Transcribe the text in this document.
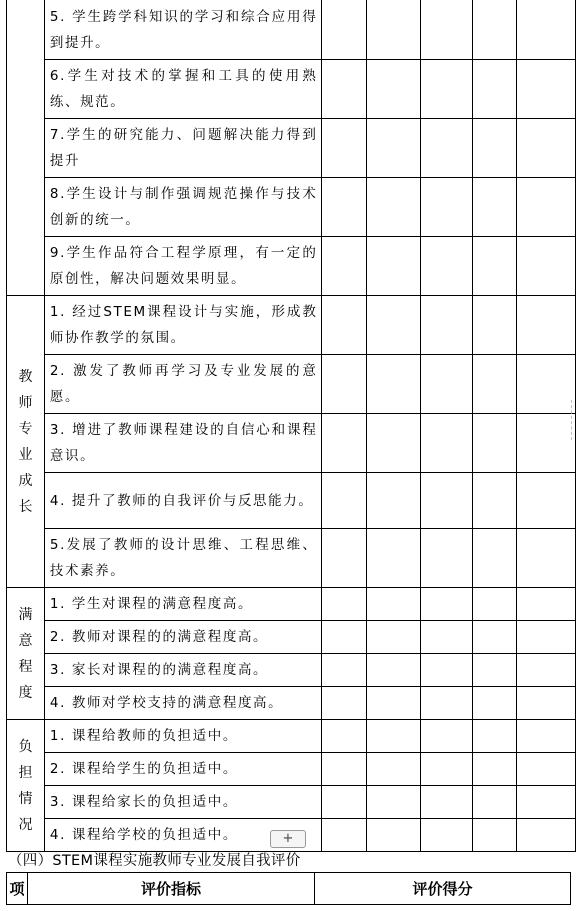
	5. 学生跨学科知识的学习和综合应用得到提升。					
	6.学生对技术的掌握和工具的使用熟练、规范。					
	7.学生的研究能力、问题解决能力得到提升					
	8.学生设计与制作强调规范操作与技术创新的统一。					
	9.学生作品符合工程学原理，有一定的原创性，解决问题效果明显。					
教师专业成长	1. 经过STEM课程设计与实施，形成教师协作教学的氛围。					
	2. 激发了教师再学习及专业发展的意愿。					
	3. 增进了教师课程建设的自信心和课程意识。					
	4. 提升了教师的自我评价与反思能力。					
	5.发展了教师的设计思维、工程思维、技术素养。					
满意程度	1. 学生对课程的满意程度高。					
	2. 教师对课程的的满意程度高。					
	3. 家长对课程的的满意程度高。					
	4. 教师对学校支持的满意程度高。					
负担情况	1. 课程给教师的负担适中。					
	2. 课程给学生的负担适中。					
	3. 课程给家长的负担适中。					
	4. 课程给学校的负担适中。						+
（四）STEM课程实施教师专业发展自我评价
项	评价指标	评价得分
